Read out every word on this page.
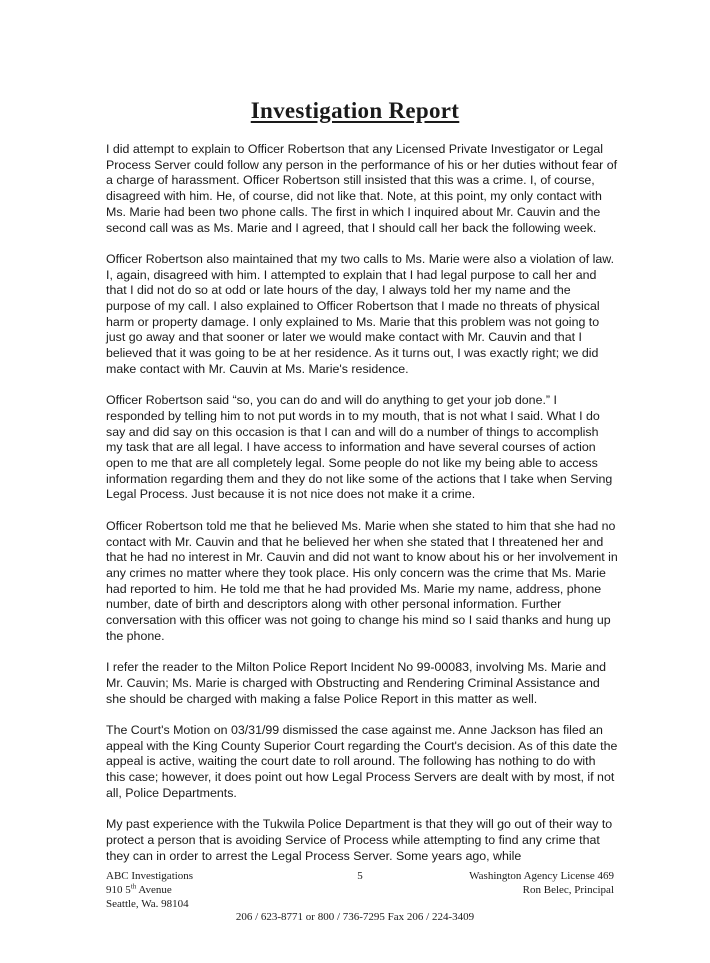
Investigation Report

I did attempt to explain to Officer Robertson that any Licensed Private Investigator or Legal Process Server could follow any person in the performance of his or her duties without fear of a charge of harassment. Officer Robertson still insisted that this was a crime. I, of course, disagreed with him. He, of course, did not like that. Note, at this point, my only contact with Ms. Marie had been two phone calls. The first in which I inquired about Mr. Cauvin and the second call was as Ms. Marie and I agreed, that I should call her back the following week.

Officer Robertson also maintained that my two calls to Ms. Marie were also a violation of law. I, again, disagreed with him. I attempted to explain that I had legal purpose to call her and that I did not do so at odd or late hours of the day, I always told her my name and the purpose of my call. I also explained to Officer Robertson that I made no threats of physical harm or property damage. I only explained to Ms. Marie that this problem was not going to just go away and that sooner or later we would make contact with Mr. Cauvin and that I believed that it was going to be at her residence. As it turns out, I was exactly right; we did make contact with Mr. Cauvin at Ms. Marie's residence.

Officer Robertson said “so, you can do and will do anything to get your job done.” I responded by telling him to not put words in to my mouth, that is not what I said. What I do say and did say on this occasion is that I can and will do a number of things to accomplish my task that are all legal. I have access to information and have several courses of action open to me that are all completely legal. Some people do not like my being able to access information regarding them and they do not like some of the actions that I take when Serving Legal Process. Just because it is not nice does not make it a crime.

Officer Robertson told me that he believed Ms. Marie when she stated to him that she had no contact with Mr. Cauvin and that he believed her when she stated that I threatened her and that he had no interest in Mr. Cauvin and did not want to know about his or her involvement in any crimes no matter where they took place. His only concern was the crime that Ms. Marie had reported to him. He told me that he had provided Ms. Marie my name, address, phone number, date of birth and descriptors along with other personal information. Further conversation with this officer was not going to change his mind so I said thanks and hung up the phone.

I refer the reader to the Milton Police Report Incident No 99-00083, involving Ms. Marie and Mr. Cauvin; Ms. Marie is charged with Obstructing and Rendering Criminal Assistance and she should be charged with making a false Police Report in this matter as well.

The Court's Motion on 03/31/99 dismissed the case against me. Anne Jackson has filed an appeal with the King County Superior Court regarding the Court's decision. As of this date the appeal is active, waiting the court date to roll around. The following has nothing to do with this case; however, it does point out how Legal Process Servers are dealt with by most, if not all, Police Departments.

My past experience with the Tukwila Police Department is that they will go out of their way to protect a person that is avoiding Service of Process while attempting to find any crime that they can in order to arrest the Legal Process Server. Some years ago, while

ABC Investigations
910 5th Avenue
Seattle, Wa. 98104
5	Washington Agency License 469
Ron Belec, Principal
206 / 623-8771 or 800 / 736-7295 Fax 206 / 224-3409
